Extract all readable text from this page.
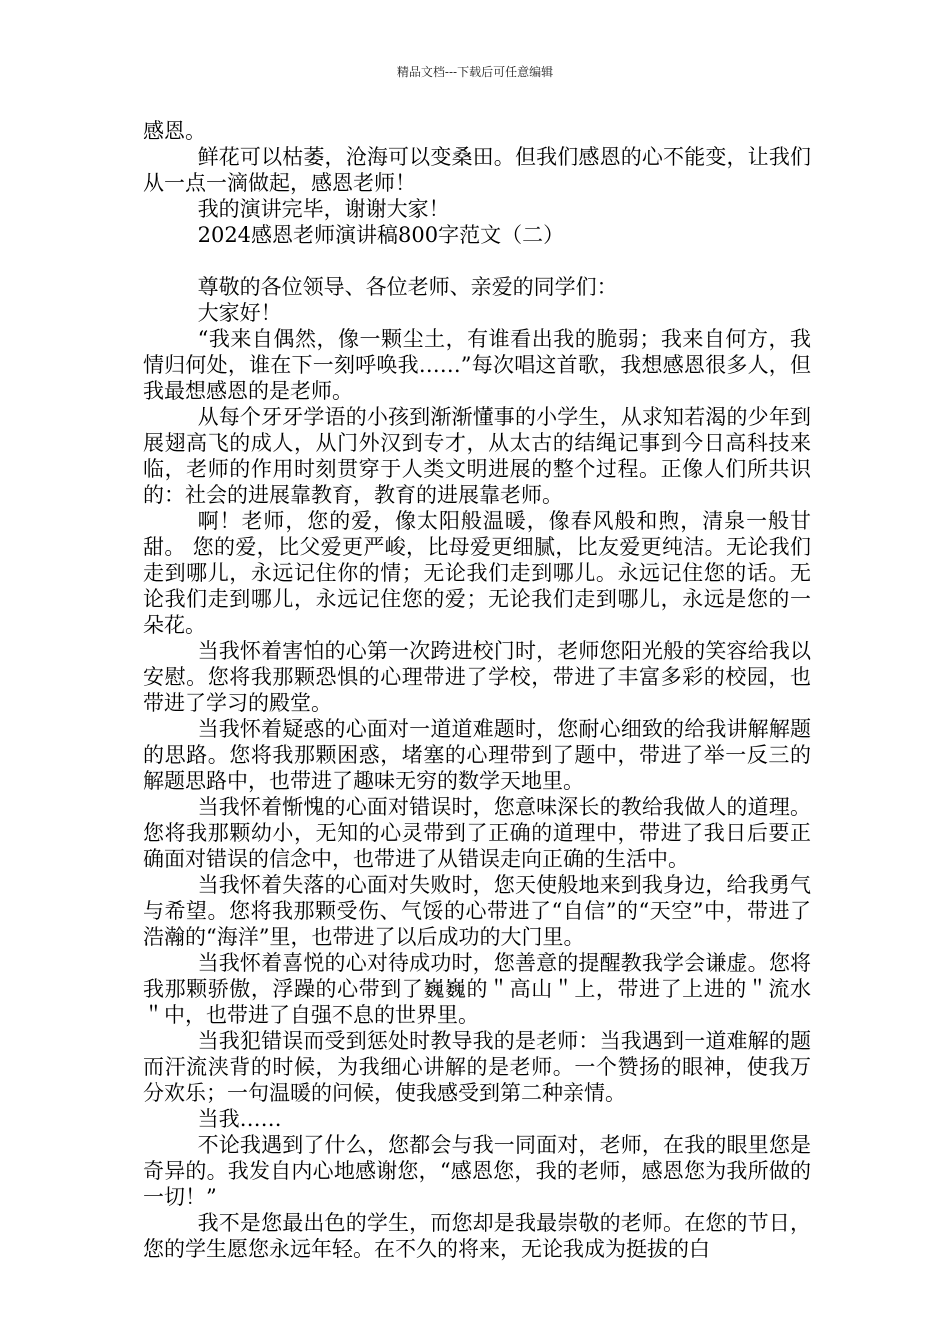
精品文档---下载后可任意编辑

感恩。

鲜花可以枯萎，沧海可以变桑田。但我们感恩的心不能变，让我们从一点一滴做起，感恩老师！

我的演讲完毕，谢谢大家！

2024感恩老师演讲稿800字范文（二）

尊敬的各位领导、各位老师、亲爱的同学们：

大家好！

“我来自偶然，像一颗尘土，有谁看出我的脆弱；我来自何方，我情归何处，谁在下一刻呼唤我……”每次唱这首歌，我想感恩很多人，但我最想感恩的是老师。

从每个牙牙学语的小孩到渐渐懂事的小学生，从求知若渴的少年到展翅高飞的成人，从门外汉到专才，从太古的结绳记事到今日高科技来临，老师的作用时刻贯穿于人类文明进展的整个过程。正像人们所共识的：社会的进展靠教育，教育的进展靠老师。

啊！老师，您的爱，像太阳般温暖，像春风般和煦，清泉一般甘甜。 您的爱，比父爱更严峻，比母爱更细腻，比友爱更纯洁。无论我们走到哪儿，永远记住你的情；无论我们走到哪儿。永远记住您的话。无论我们走到哪儿，永远记住您的爱；无论我们走到哪儿，永远是您的一朵花。

当我怀着害怕的心第一次跨进校门时，老师您阳光般的笑容给我以安慰。您将我那颗恐惧的心理带进了学校，带进了丰富多彩的校园，也带进了学习的殿堂。

当我怀着疑惑的心面对一道道难题时，您耐心细致的给我讲解解题的思路。您将我那颗困惑，堵塞的心理带到了题中，带进了举一反三的解题思路中，也带进了趣味无穷的数学天地里。

当我怀着惭愧的心面对错误时，您意味深长的教给我做人的道理。您将我那颗幼小，无知的心灵带到了正确的道理中，带进了我日后要正确面对错误的信念中，也带进了从错误走向正确的生活中。

当我怀着失落的心面对失败时，您天使般地来到我身边，给我勇气与希望。您将我那颗受伤、气馁的心带进了“自信”的“天空”中，带进了浩瀚的“海洋”里，也带进了以后成功的大门里。

当我怀着喜悦的心对待成功时，您善意的提醒教我学会谦虚。您将我那颗骄傲，浮躁的心带到了巍巍的＂高山＂上，带进了上进的＂流水＂中，也带进了自强不息的世界里。

当我犯错误而受到惩处时教导我的是老师：当我遇到一道难解的题而汗流浃背的时候，为我细心讲解的是老师。一个赞扬的眼神，使我万分欢乐；一句温暖的问候，使我感受到第二种亲情。

当我……

不论我遇到了什么，您都会与我一同面对，老师，在我的眼里您是奇异的。我发自内心地感谢您，“感恩您，我的老师，感恩您为我所做的一切！”

我不是您最出色的学生，而您却是我最崇敬的老师。在您的节日，您的学生愿您永远年轻。在不久的将来，无论我成为挺拔的白
